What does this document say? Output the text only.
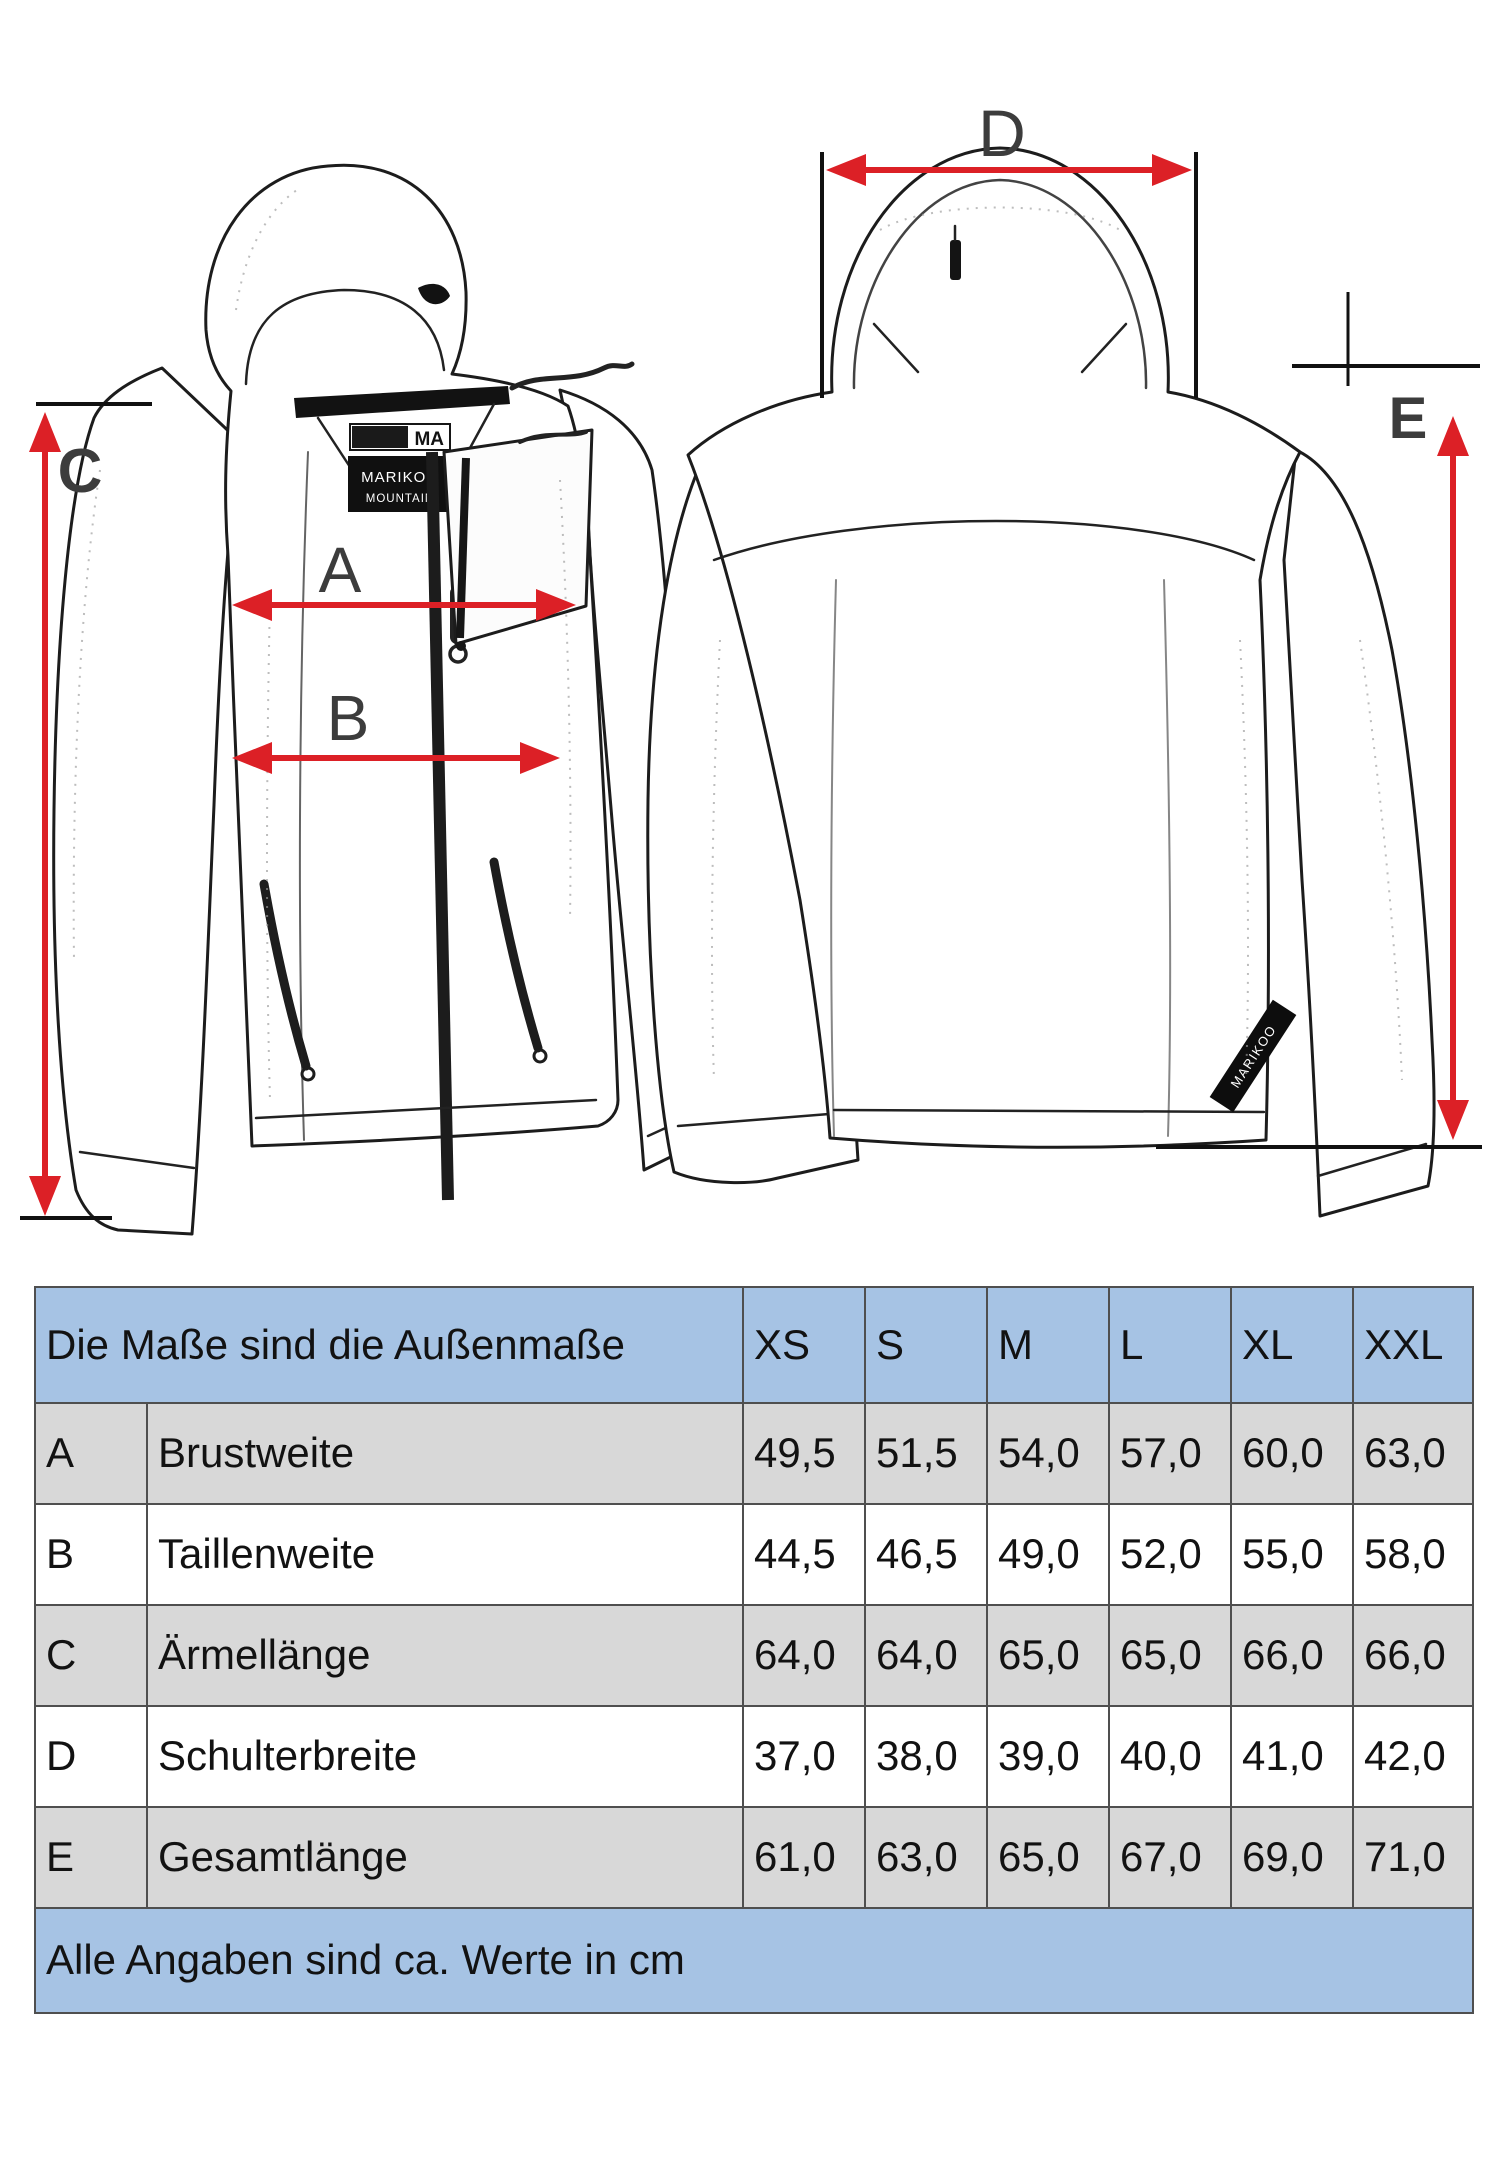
MA
MARIKOO
MOUNTAIN
MARIKOO
A
B
C
D
E
Die Maße sind die Außenmaße		XS	S	M	L	XL	XXL
A	Brustweite	49,5	51,5	54,0	57,0	60,0	63,0
B	Taillenweite	44,5	46,5	49,0	52,0	55,0	58,0
C	Ärmellänge	64,0	64,0	65,0	65,0	66,0	66,0
D	Schulterbreite	37,0	38,0	39,0	40,0	41,0	42,0
E	Gesamtlänge	61,0	63,0	65,0	67,0	69,0	71,0
Alle Angaben sind ca. Werte in cm							
